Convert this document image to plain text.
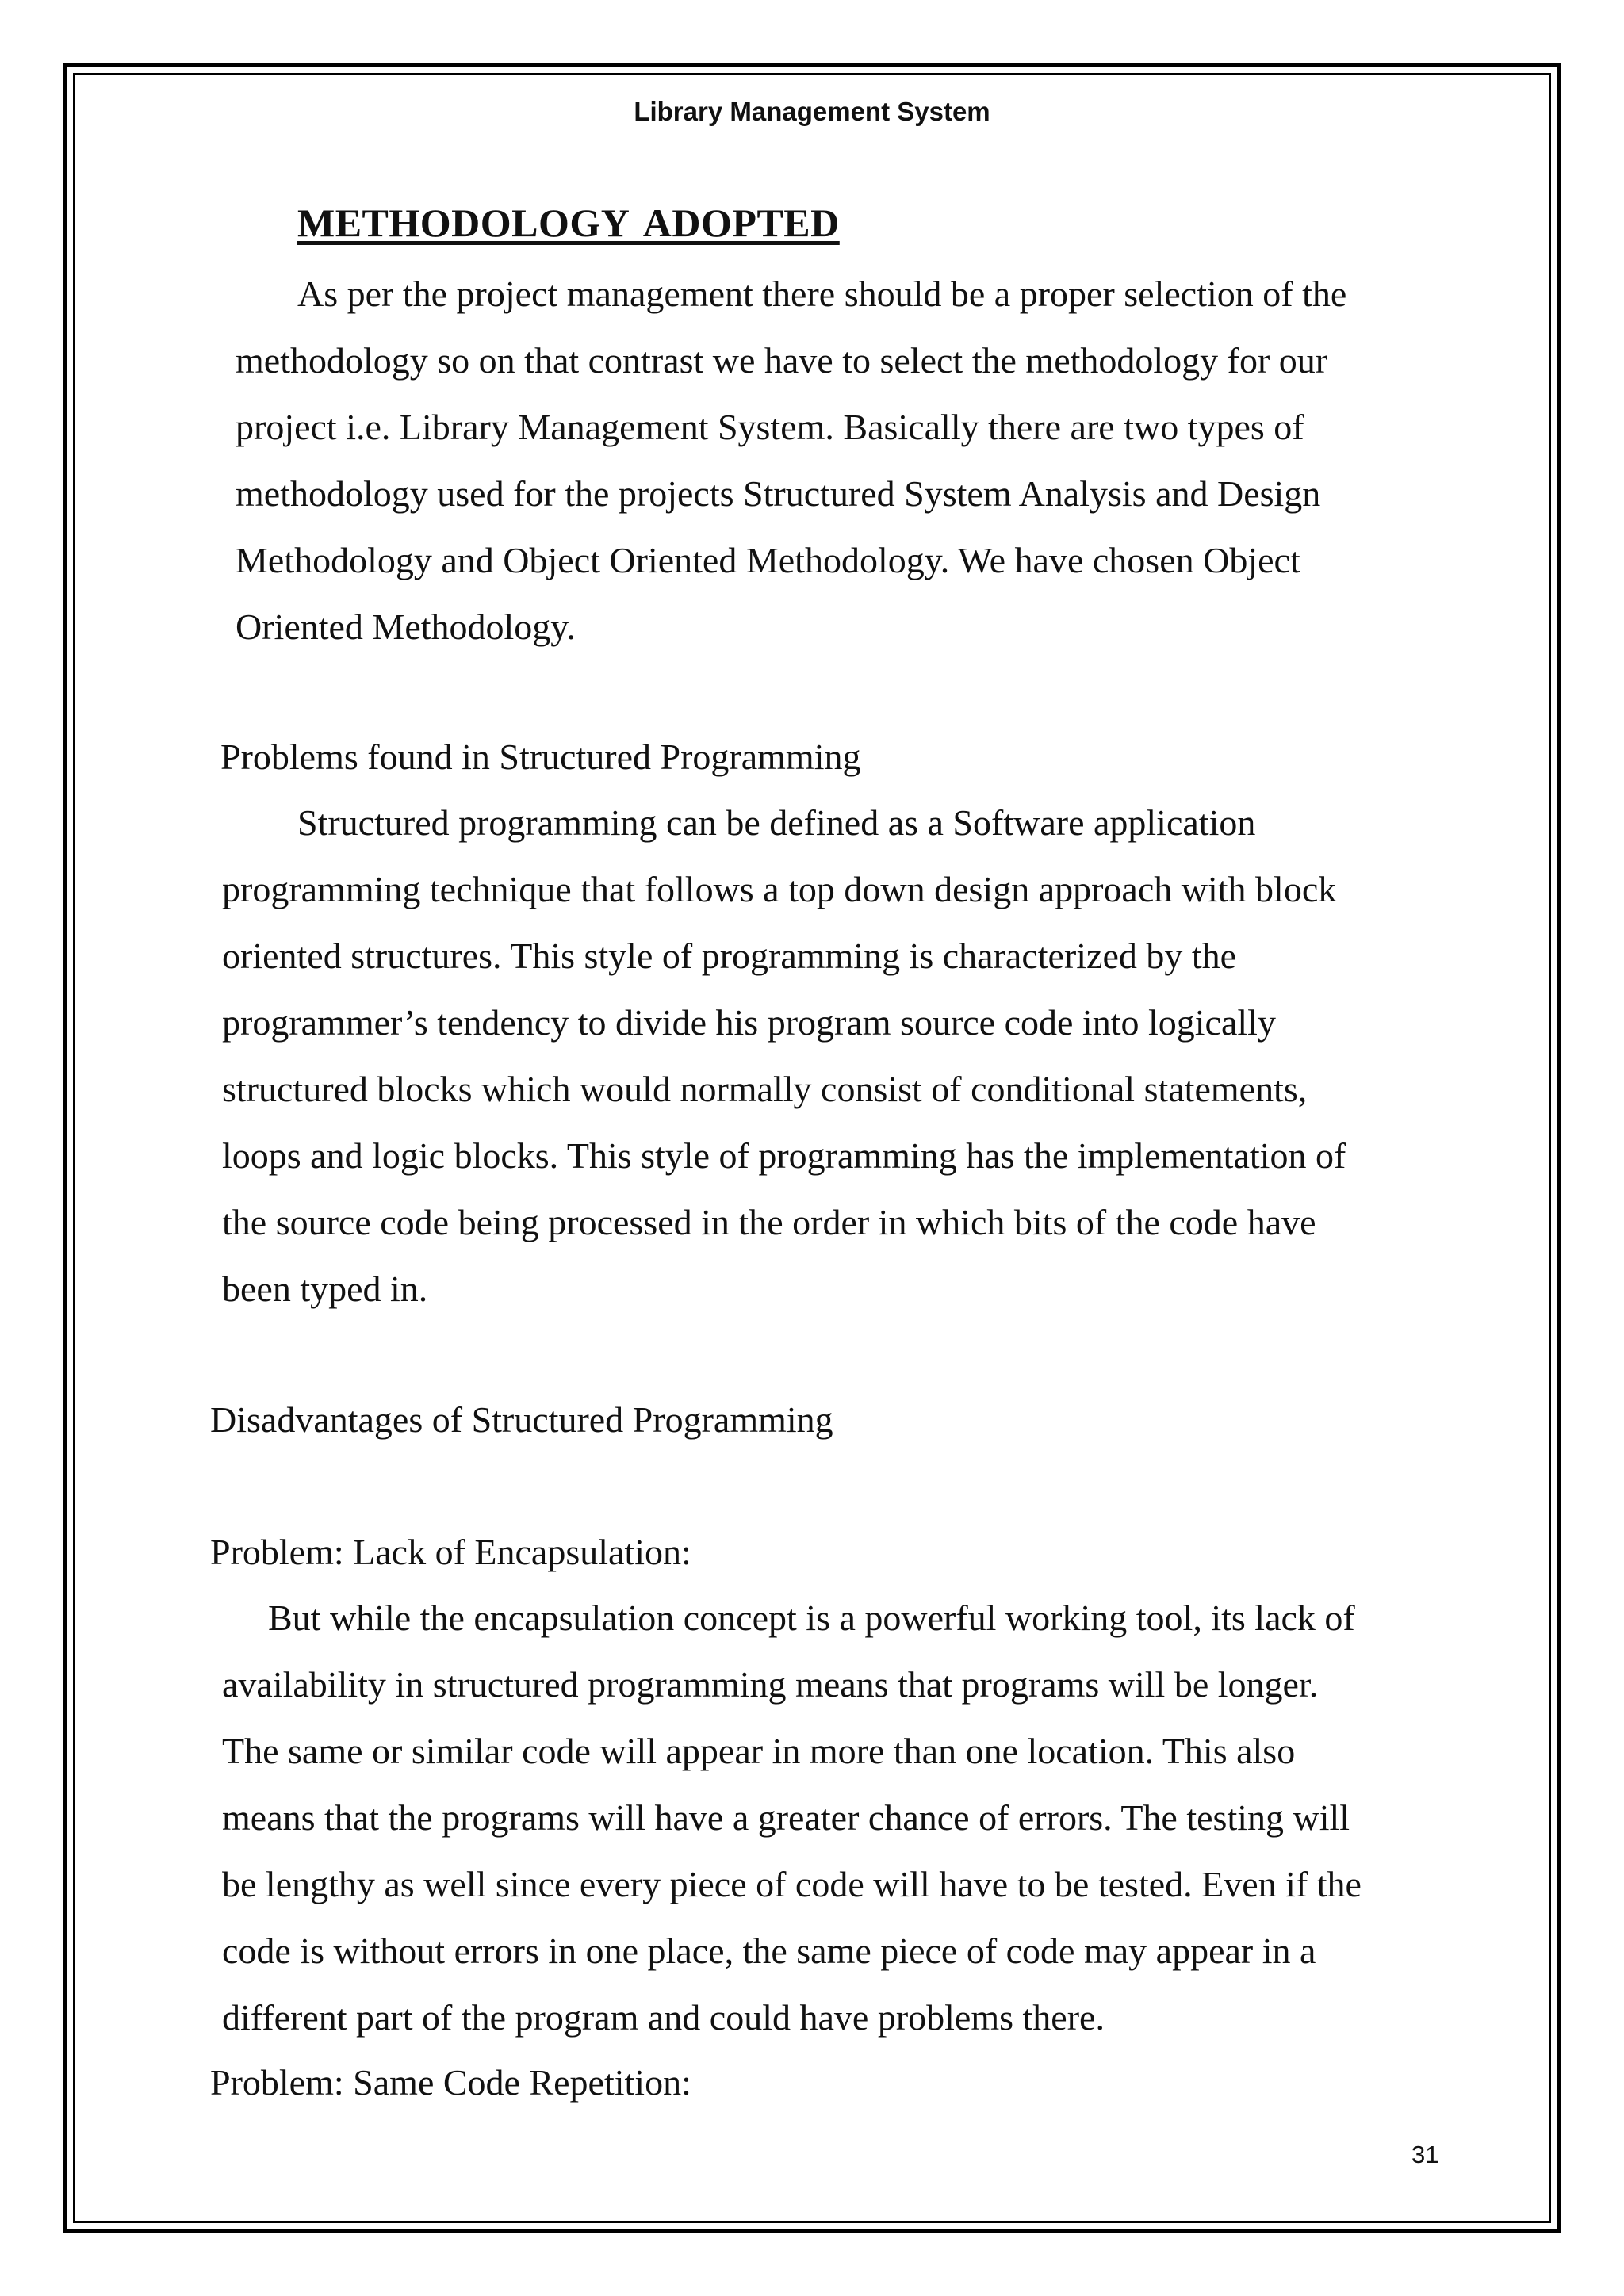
Library Management System
METHODOLOGY ADOPTED
As per the project management there should be a proper selection of the
methodology so on that contrast we have to select the methodology for our
project i.e. Library Management System. Basically there are two types of
methodology used for the projects Structured System Analysis and Design
Methodology and Object Oriented Methodology. We have chosen Object
Oriented Methodology.
Problems found in Structured Programming
Structured programming can be defined as a Software application
programming technique that follows a top down design approach with block
oriented structures. This style of programming is characterized by the
programmer’s tendency to divide his program source code into logically
structured blocks which would normally consist of conditional statements,
loops and logic blocks. This style of programming has the implementation of
the source code being processed in the order in which bits of the code have
been typed in.
Disadvantages of Structured Programming
Problem: Lack of Encapsulation:
But while the encapsulation concept is a powerful working tool, its lack of
availability in structured programming means that programs will be longer.
The same or similar code will appear in more than one location. This also
means that the programs will have a greater chance of errors. The testing will
be lengthy as well since every piece of code will have to be tested. Even if the
code is without errors in one place, the same piece of code may appear in a
different part of the program and could have problems there.
Problem: Same Code Repetition:
31
